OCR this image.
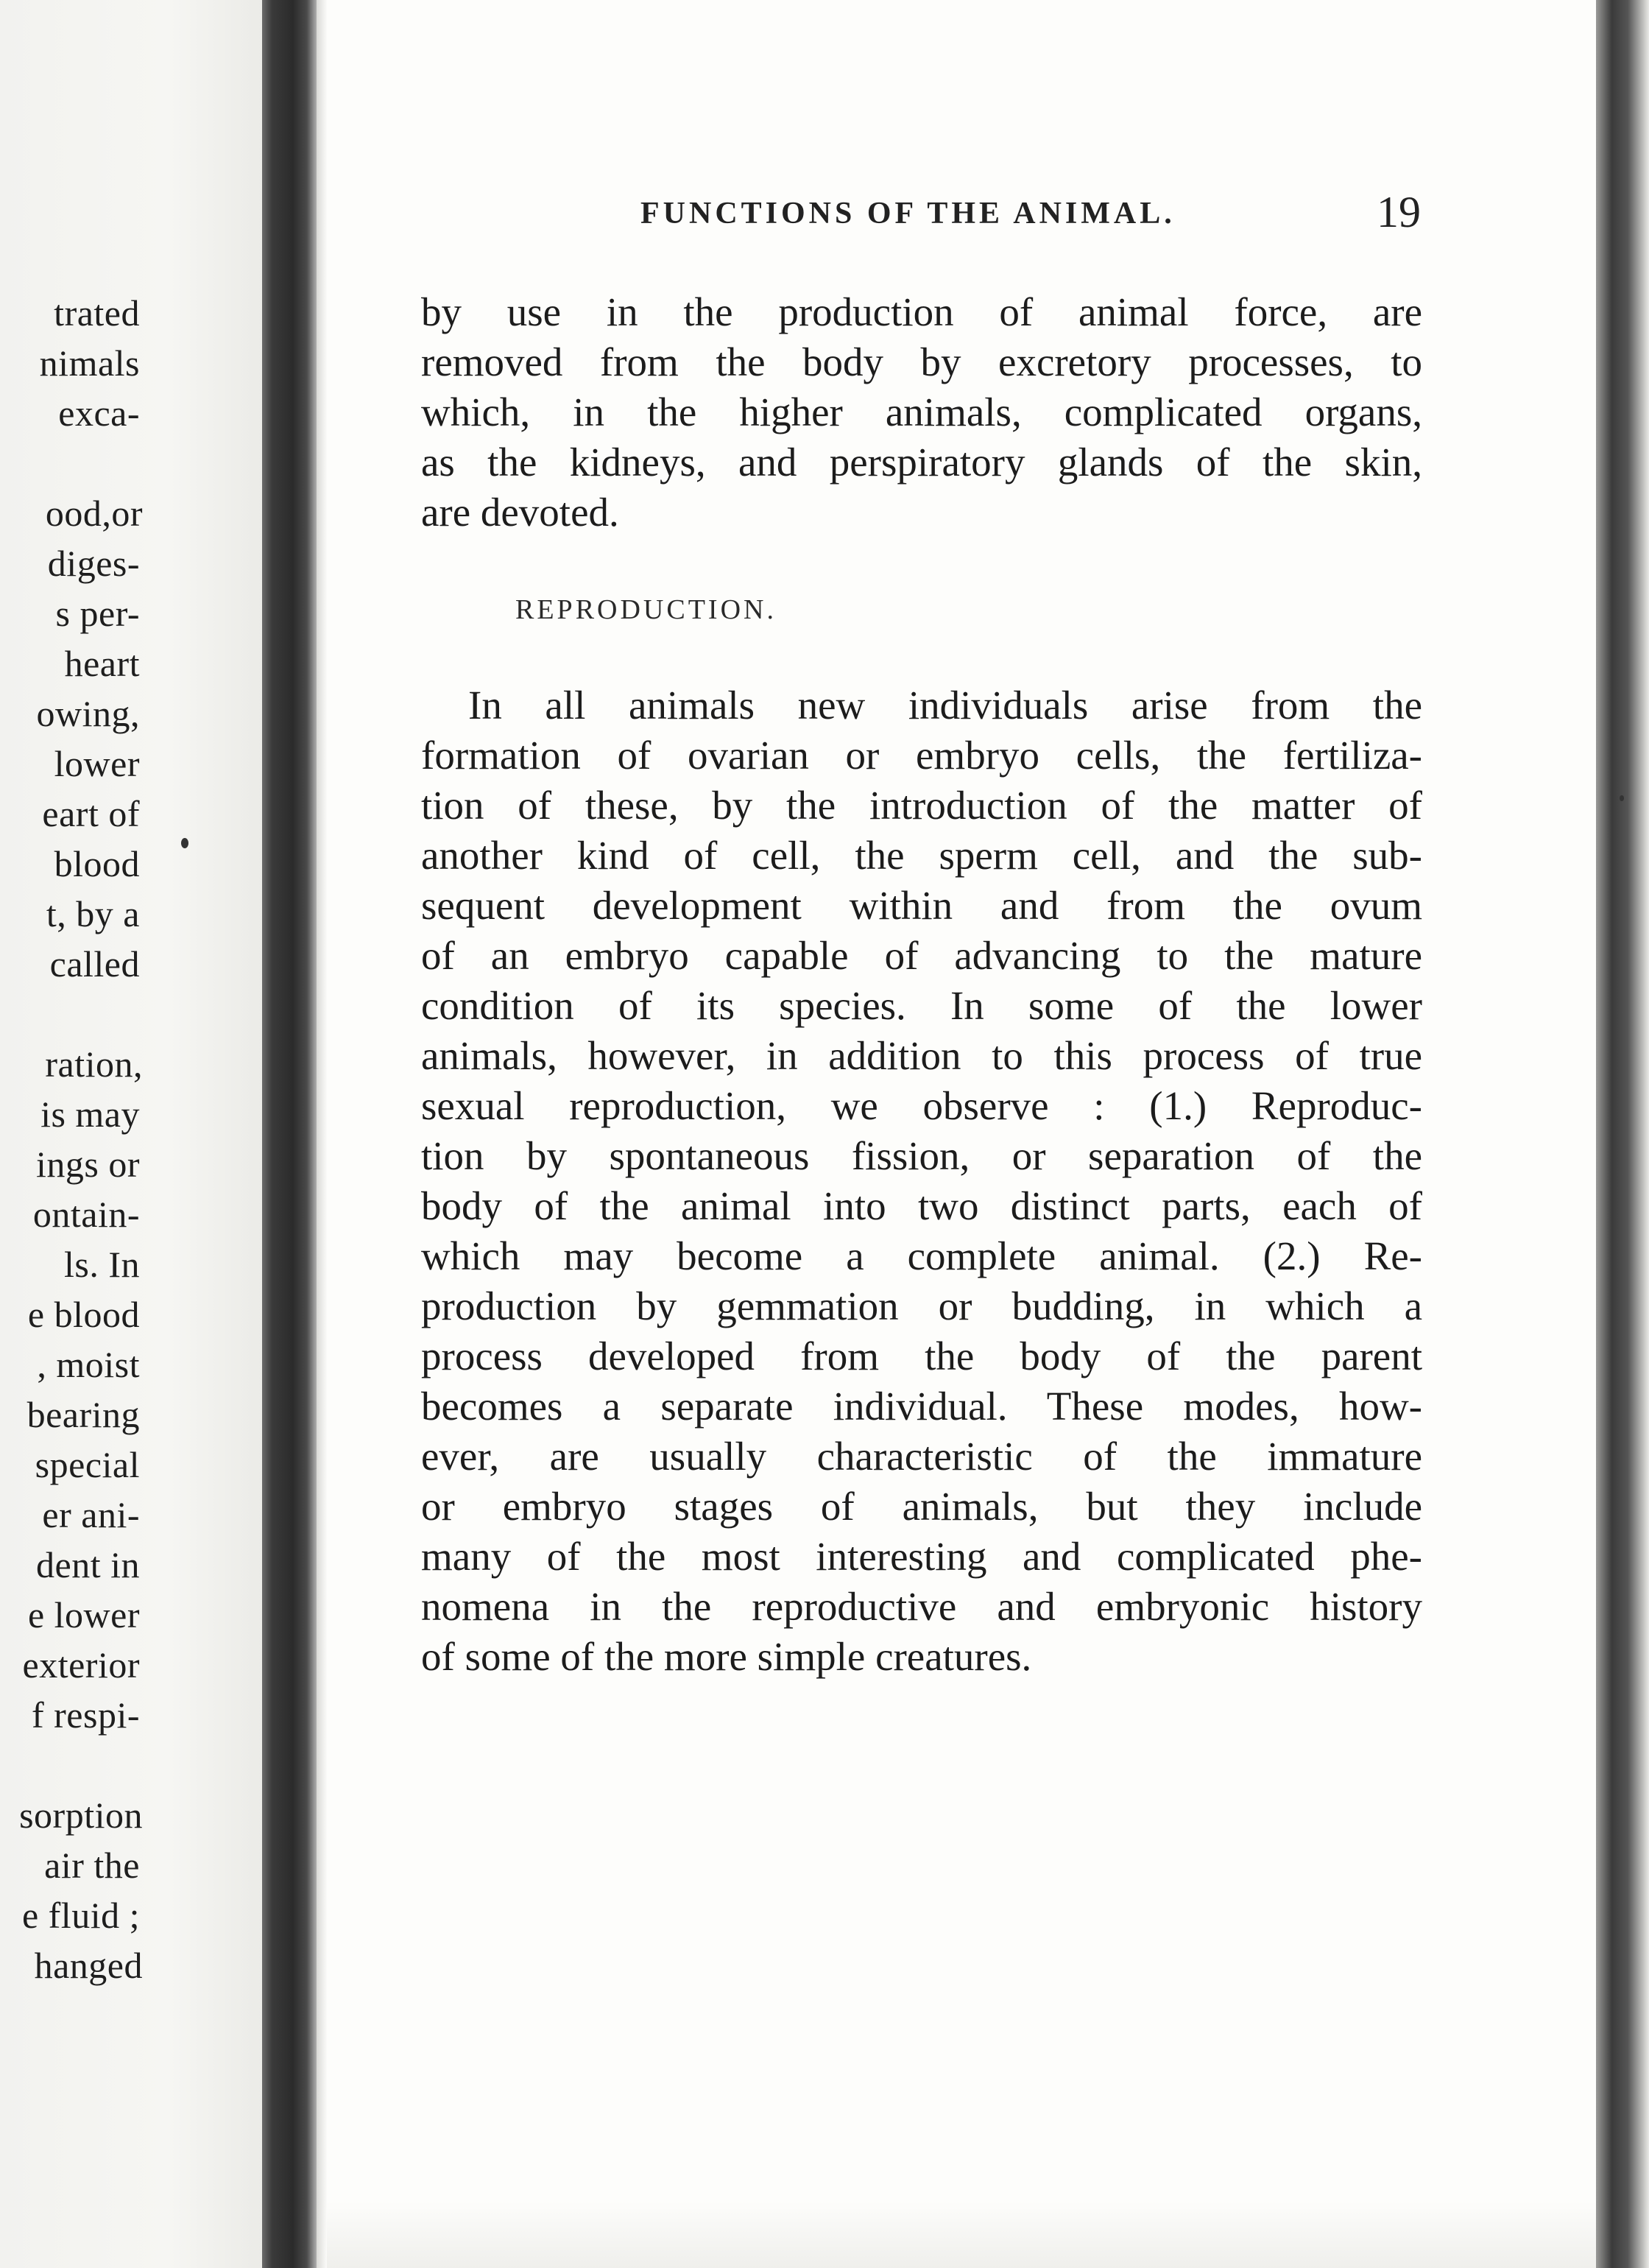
trated
nimals
exca-
ood,or
diges-
s per-
heart
owing,
lower
eart of
blood
t, by a
called
ration,
is may
ings or
ontain-
ls. In
e blood
, moist
bearing
special
er ani-
dent in
e lower
exterior
f respi-
sorption
air the
e fluid ;
hanged
FUNCTIONS OF THE ANIMAL.	19
by use in the production of animal force, are
removed from the body by excretory processes, to
which, in the higher animals, complicated organs,
as the kidneys, and perspiratory glands of the skin,
are devoted.
REPRODUCTION.
In all animals new individuals arise from the
formation of ovarian or embryo cells, the fertiliza-
tion of these, by the introduction of the matter of
another kind of cell, the sperm cell, and the sub-
sequent development within and from the ovum
of an embryo capable of advancing to the mature
condition of its species. In some of the lower
animals, however, in addition to this process of true
sexual reproduction, we observe : (1.) Reproduc-
tion by spontaneous fission, or separation of the
body of the animal into two distinct parts, each of
which may become a complete animal. (2.) Re-
production by gemmation or budding, in which a
process developed from the body of the parent
becomes a separate individual. These modes, how-
ever, are usually characteristic of the immature
or embryo stages of animals, but they include
many of the most interesting and complicated phe-
nomena in the reproductive and embryonic history
of some of the more simple creatures.
